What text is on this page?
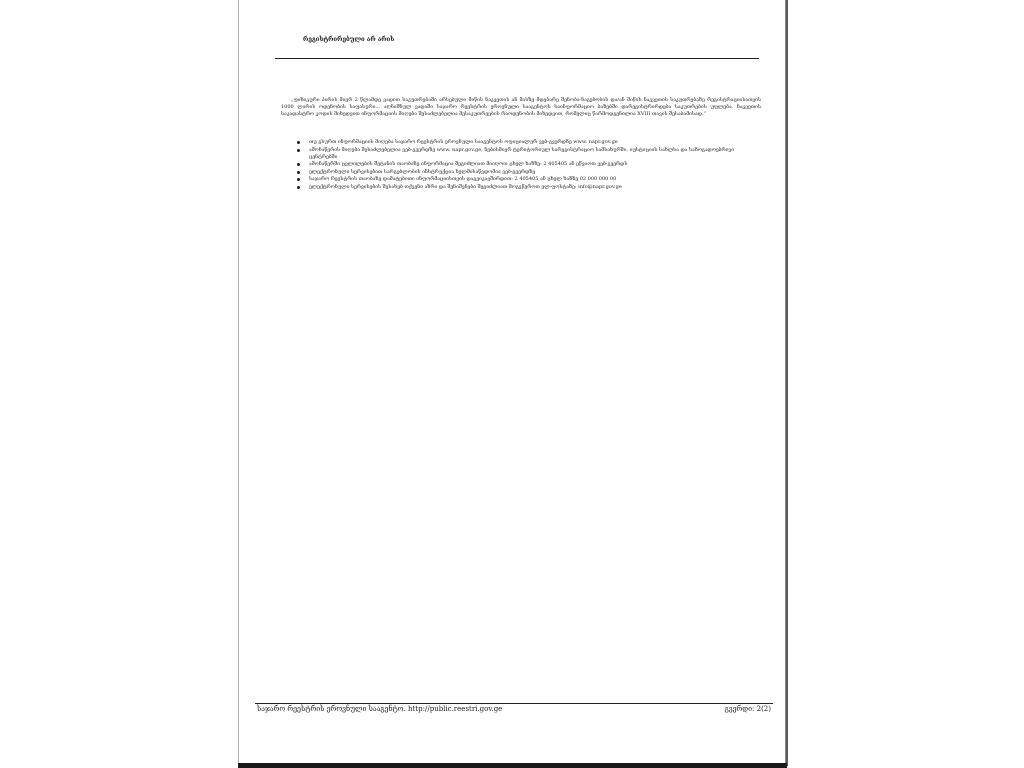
რეგისტრირებული არ არის
„ფიზიკური პირის მიერ 2 წლამდე ვადით საკუთრებაში არსებული მიწის ნაკვეთის ან მასზე მდებარე შენობა-ნაგებობის და/ან მიწის ნაკვეთის საკუთრებაზე რეგისტრაციისათვის 1000 ლარის ოდენობის საფასური... აღნიშნულ ვადაში საჯარო რეესტრის ეროვნული სააგენტოს საინფორმაციო ბაზებში დარეგისტრირდება საკუთრების უფლება. ნაკვეთის საკადასტრო კოდის მიხედვით ინფორმაციის მიღება შესაძლებელია მესაკუთრეების რაოდენობის მიხედვით, რომელიც წარმოდგენილია XVIII თავის შესაბამისად.“
თუ გსურთ ინფორმაციის მიღება საჯარო რეესტრის ეროვნული სააგენტოს ოფიციალურ ვებ-გვერდზე www. napr.gov.ge
ამონაწერის მიღება შესაძლებელია ვებ-გვერდზე www. napr.gov.ge, ნებისმიერ ტერიტორიულ სარეგისტრაციო სამსახურში, იუსტიციის სახლსა და საზოგადოებრივი ცენტრებში
ამონაწერში ცვლილების შეტანის თაობაზე ინფორმაცია შეგიძლიათ მიიღოთ ცხელ ხაზზე: 2 405405 ან ეწვიოთ ვებ-გვერდს
ელექტრონული სერვისებით სარგებლობის ინსტრუქცია ხელმისაწვდომია ვებ-გვერდზე
საჯარო რეესტრის თაობაზე დამატებითი ინფორმაციისთვის დაგვიკავშირდით: 2 405405 ან ცხელ ხაზზე 02 000 000 00
ელექტრონული სერვისების შესახებ თქვენი აზრი და შენიშვნები შეგიძლიათ მოგვწეროთ ელ-ფოსტაზე: info@napr.gov.ge
საჯარო რეესტრის ეროვნული სააგენტო. http://public.reestri.gov.ge	გვერდი: 2(2)
